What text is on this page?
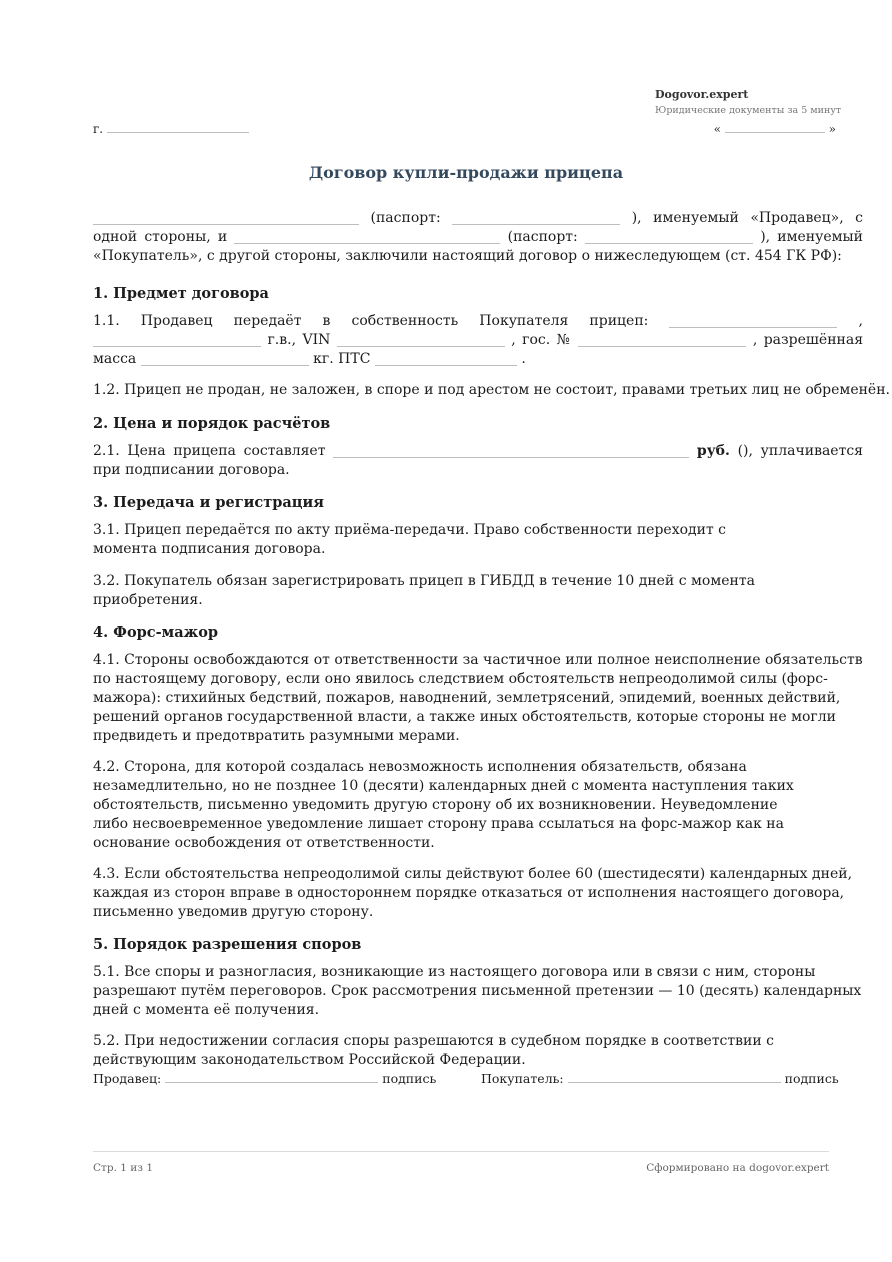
Dogovor.expert
Юридические документы за 5 минут
г.	«	»
Договор купли-продажи прицепа

(паспорт:	), именуемый «Продавец», с

одной стороны, и	(паспорт:	), именуемый

«Покупатель», с другой стороны, заключили настоящий договор о нижеследующем (ст. 454 ГК РФ):

1. Предмет договора

1.1. Продавец передаёт в собственность Покупателя прицеп:	,

г.в., VIN	, гос. №	, разрешённая

масса	кг. ПТС	.

1.2. Прицеп не продан, не заложен, в споре и под арестом не состоит, правами третьих лиц не обременён.

2. Цена и порядок расчётов

2.1. Цена прицепа составляет	руб. (), уплачивается

при подписании договора.

3. Передача и регистрация

3.1. Прицеп передаётся по акту приёма-передачи. Право собственности переходит с момента подписания договора.

3.2. Покупатель обязан зарегистрировать прицеп в ГИБДД в течение 10 дней с момента приобретения.

4. Форс-мажор

4.1. Стороны освобождаются от ответственности за частичное или полное неисполнение обязательств по настоящему договору, если оно явилось следствием обстоятельств непреодолимой силы (форс-мажора): стихийных бедствий, пожаров, наводнений, землетрясений, эпидемий, военных действий, решений органов государственной власти, а также иных обстоятельств, которые стороны не могли предвидеть и предотвратить разумными мерами.

4.2. Сторона, для которой создалась невозможность исполнения обязательств, обязана незамедлительно, но не позднее 10 (десяти) календарных дней с момента наступления таких обстоятельств, письменно уведомить другую сторону об их возникновении. Неуведомление либо несвоевременное уведомление лишает сторону права ссылаться на форс-мажор как на основание освобождения от ответственности.

4.3. Если обстоятельства непреодолимой силы действуют более 60 (шестидесяти) календарных дней, каждая из сторон вправе в одностороннем порядке отказаться от исполнения настоящего договора, письменно уведомив другую сторону.

5. Порядок разрешения споров

5.1. Все споры и разногласия, возникающие из настоящего договора или в связи с ним, стороны разрешают путём переговоров. Срок рассмотрения письменной претензии — 10 (десять) календарных дней с момента её получения.

5.2. При недостижении согласия споры разрешаются в судебном порядке в соответствии с действующим законодательством Российской Федерации.

Продавец:	подпись	Покупатель:	подпись
Стр. 1 из 1	Сформировано на dogovor.expert
